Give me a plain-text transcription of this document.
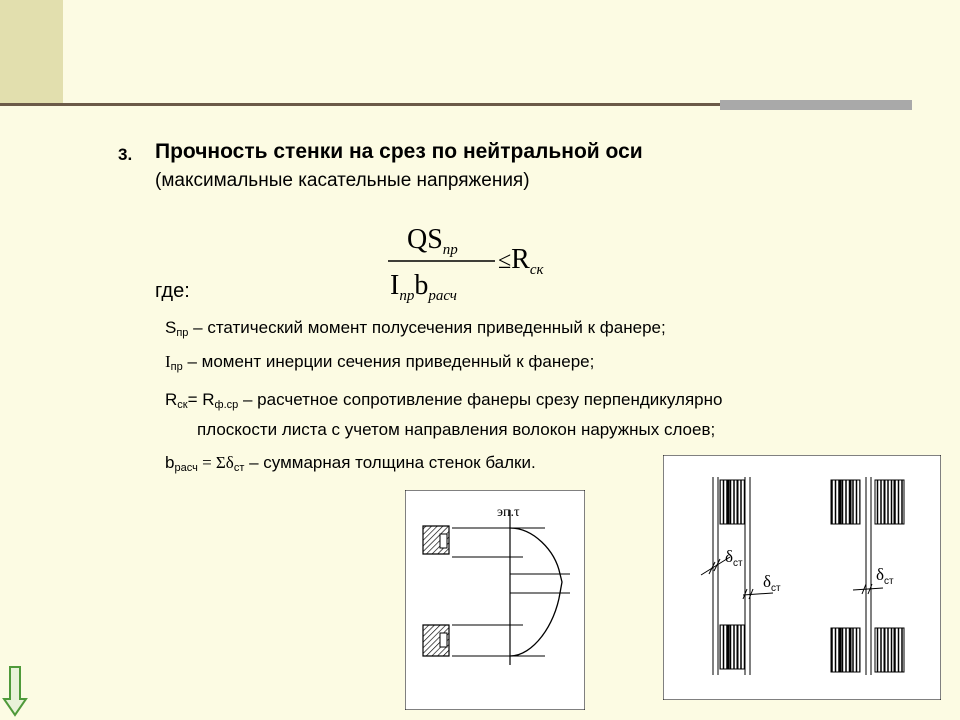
3. Прочность стенки на срез по нейтральной оси
(максимальные касательные напряжения)
$QS_{пр}$
$I_{пр}b_{расч}$
$\le R_{ск}$
где:
$S_{пр}$ – статический момент полусечения приведенный к фанере;
$I_{пр}$ – момент инерции сечения приведенный к фанере;
$R_{ск}= R_{ф.ср}$ – расчетное сопротивление фанеры срезу перпендикулярно
плоскости листа с учетом направления волокон наружных слоев;
$b_{расч} = \Sigma\delta_{ст}$ – суммарная толщина стенок балки.
эп.τ
$\delta_{ст}$
$\delta_{ст}$
$\delta_{ст}$
